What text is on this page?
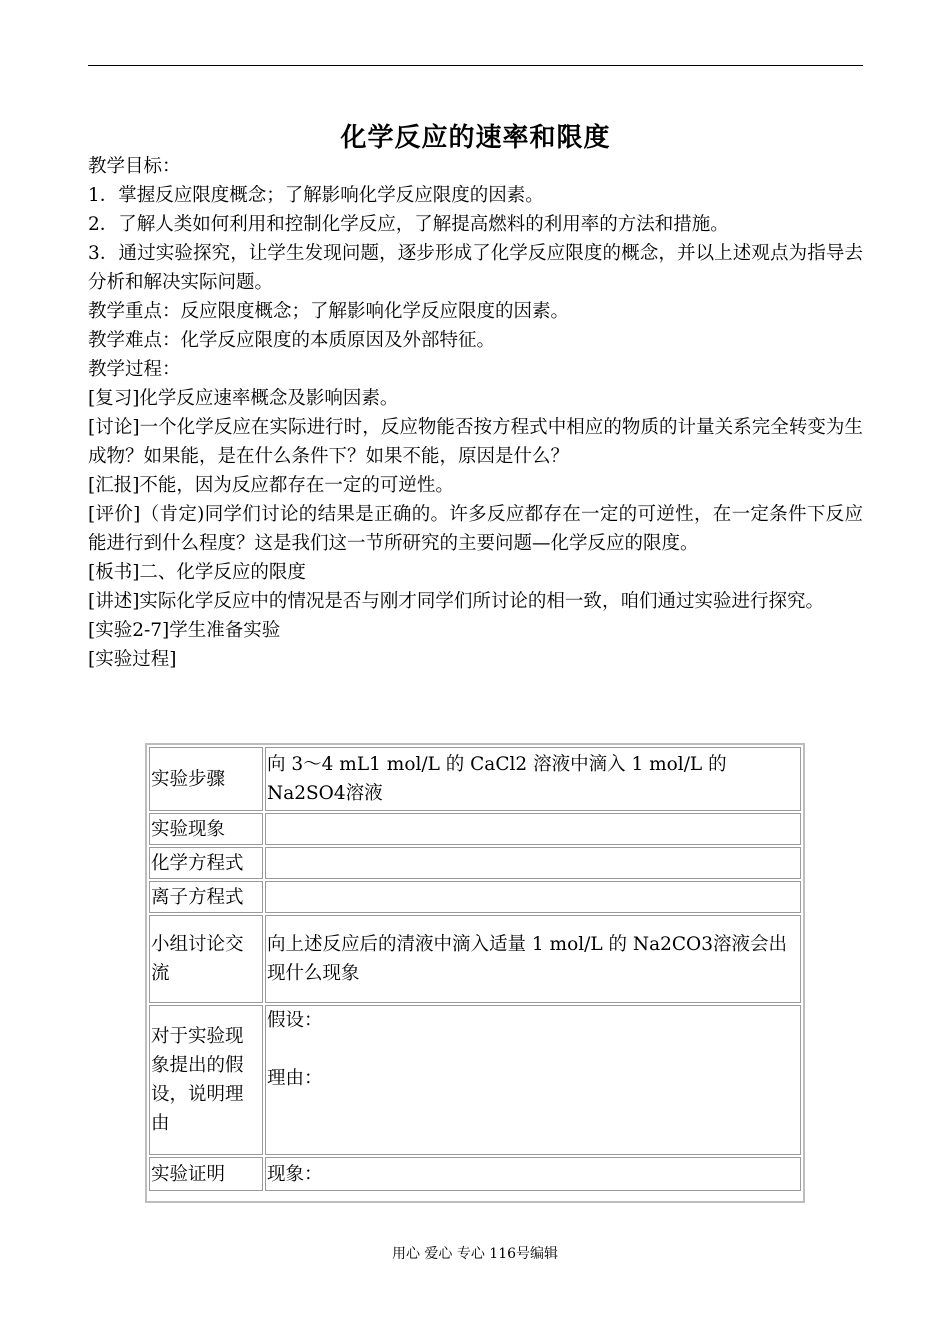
化学反应的速率和限度

教学目标：

1．掌握反应限度概念；了解影响化学反应限度的因素。

2．了解人类如何利用和控制化学反应，了解提高燃料的利用率的方法和措施。

3．通过实验探究，让学生发现问题，逐步形成了化学反应限度的概念，并以上述观点为指导去分析和解决实际问题。

教学重点：反应限度概念；了解影响化学反应限度的因素。

教学难点：化学反应限度的本质原因及外部特征。

教学过程：

[复习]化学反应速率概念及影响因素。

[讨论]一个化学反应在实际进行时，反应物能否按方程式中相应的物质的计量关系完全转变为生成物？如果能，是在什么条件下？如果不能，原因是什么？

[汇报]不能，因为反应都存在一定的可逆性。

[评价]（肯定)同学们讨论的结果是正确的。许多反应都存在一定的可逆性，在一定条件下反应能进行到什么程度？这是我们这一节所研究的主要问题—化学反应的限度。

[板书]二、化学反应的限度

[讲述]实际化学反应中的情况是否与刚才同学们所讨论的相一致，咱们通过实验进行探究。

[实验2-7]学生准备实验

[实验过程]

实验步骤	向 3～4 mL1 mol/L 的 CaCl2 溶液中滴入 1 mol/L 的 Na2SO4溶液
实验现象	
化学方程式	
离子方程式	
小组讨论交流	向上述反应后的清液中滴入适量 1 mol/L 的 Na2CO3溶液会出现什么现象
对于实验现象提出的假设，说明理由	假设：
理由：

实验证明	现象：
用心 爱心 专心 116号编辑
